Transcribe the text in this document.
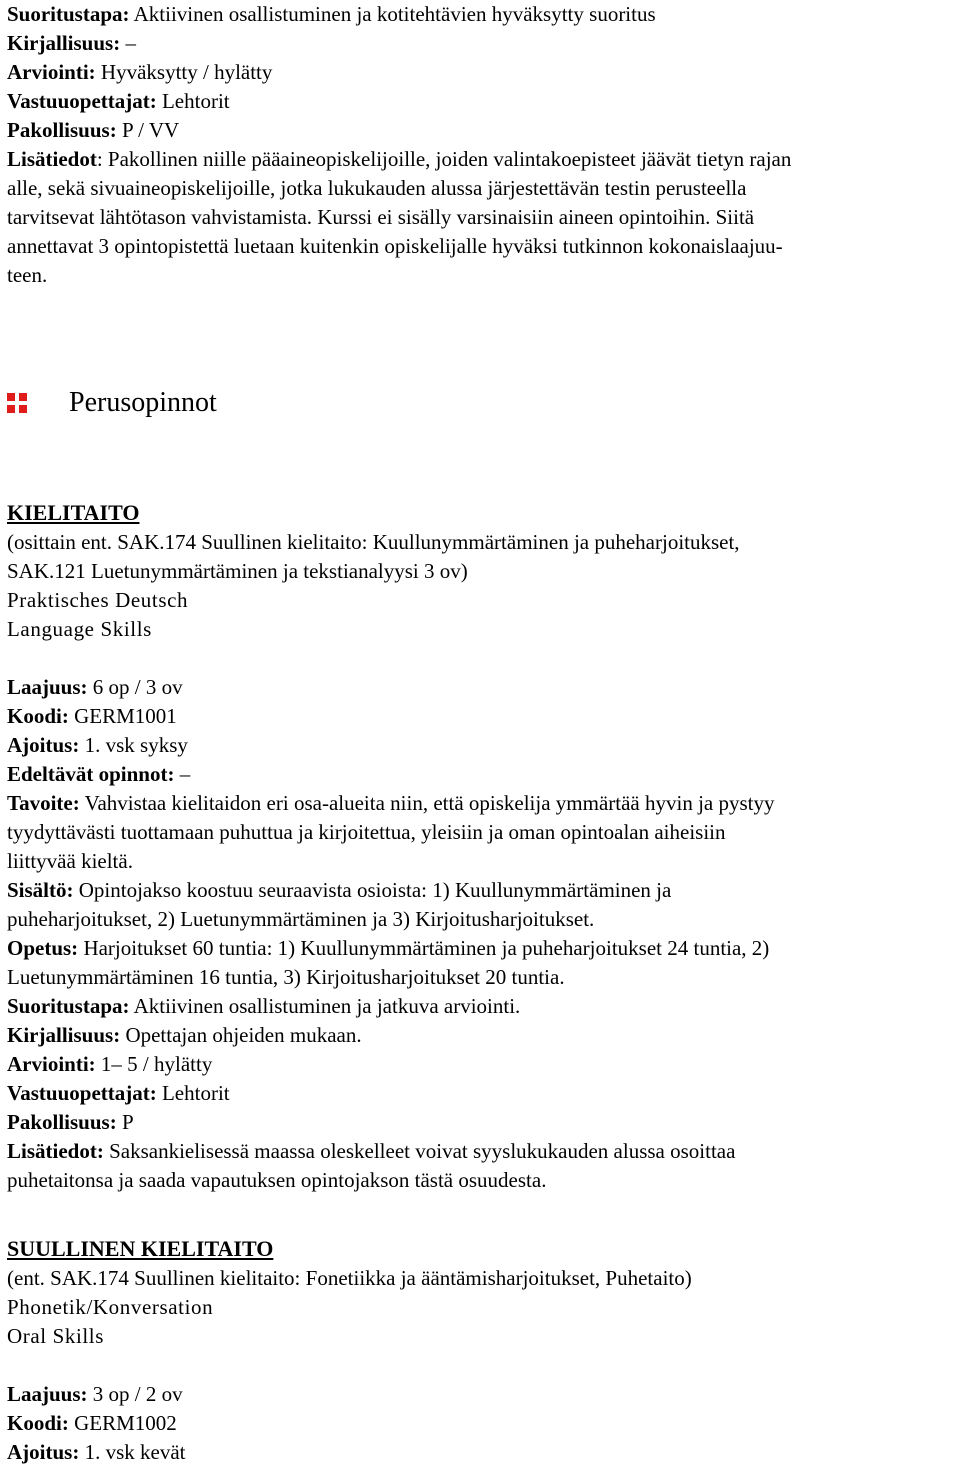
Suoritustapa: Aktiivinen osallistuminen ja kotitehtävien hyväksytty suoritus

Kirjallisuus: –

Arviointi: Hyväksytty / hylätty

Vastuuopettajat: Lehtorit

Pakollisuus: P / VV

Lisätiedot: Pakollinen niille pääaineopiskelijoille, joiden valintakoepisteet jäävät tietyn rajan

alle, sekä sivuaineopiskelijoille, jotka lukukauden alussa järjestettävän testin perusteella

tarvitsevat lähtötason vahvistamista. Kurssi ei sisälly varsinaisiin aineen opintoihin. Siitä

annettavat 3 opintopistettä luetaan kuitenkin opiskelijalle hyväksi tutkinnon kokonaislaajuu-

teen.

Perusopinnot

KIELITAITO

(osittain ent. SAK.174 Suullinen kielitaito: Kuullunymmärtäminen ja puheharjoitukset,

SAK.121 Luetunymmärtäminen ja tekstianalyysi 3 ov)

Praktisches Deutsch

Language Skills

Laajuus: 6 op / 3 ov

Koodi: GERM1001

Ajoitus: 1. vsk syksy

Edeltävät opinnot: –

Tavoite: Vahvistaa kielitaidon eri osa-alueita niin, että opiskelija ymmärtää hyvin ja pystyy

tyydyttävästi tuottamaan puhuttua ja kirjoitettua, yleisiin ja oman opintoalan aiheisiin

liittyvää kieltä.

Sisältö: Opintojakso koostuu seuraavista osioista: 1) Kuullunymmärtäminen ja

puheharjoitukset, 2) Luetunymmärtäminen ja 3) Kirjoitusharjoitukset.

Opetus: Harjoitukset 60 tuntia: 1) Kuullunymmärtäminen ja puheharjoitukset 24 tuntia, 2)

Luetunymmärtäminen 16 tuntia, 3) Kirjoitusharjoitukset 20 tuntia.

Suoritustapa: Aktiivinen osallistuminen ja jatkuva arviointi.

Kirjallisuus: Opettajan ohjeiden mukaan.

Arviointi: 1– 5 / hylätty

Vastuuopettajat: Lehtorit

Pakollisuus: P

Lisätiedot: Saksankielisessä maassa oleskelleet voivat syyslukukauden alussa osoittaa

puhetaitonsa ja saada vapautuksen opintojakson tästä osuudesta.

SUULLINEN KIELITAITO

(ent. SAK.174 Suullinen kielitaito: Fonetiikka ja ääntämisharjoitukset, Puhetaito)

Phonetik/Konversation

Oral Skills

Laajuus: 3 op / 2 ov

Koodi: GERM1002

Ajoitus: 1. vsk kevät
